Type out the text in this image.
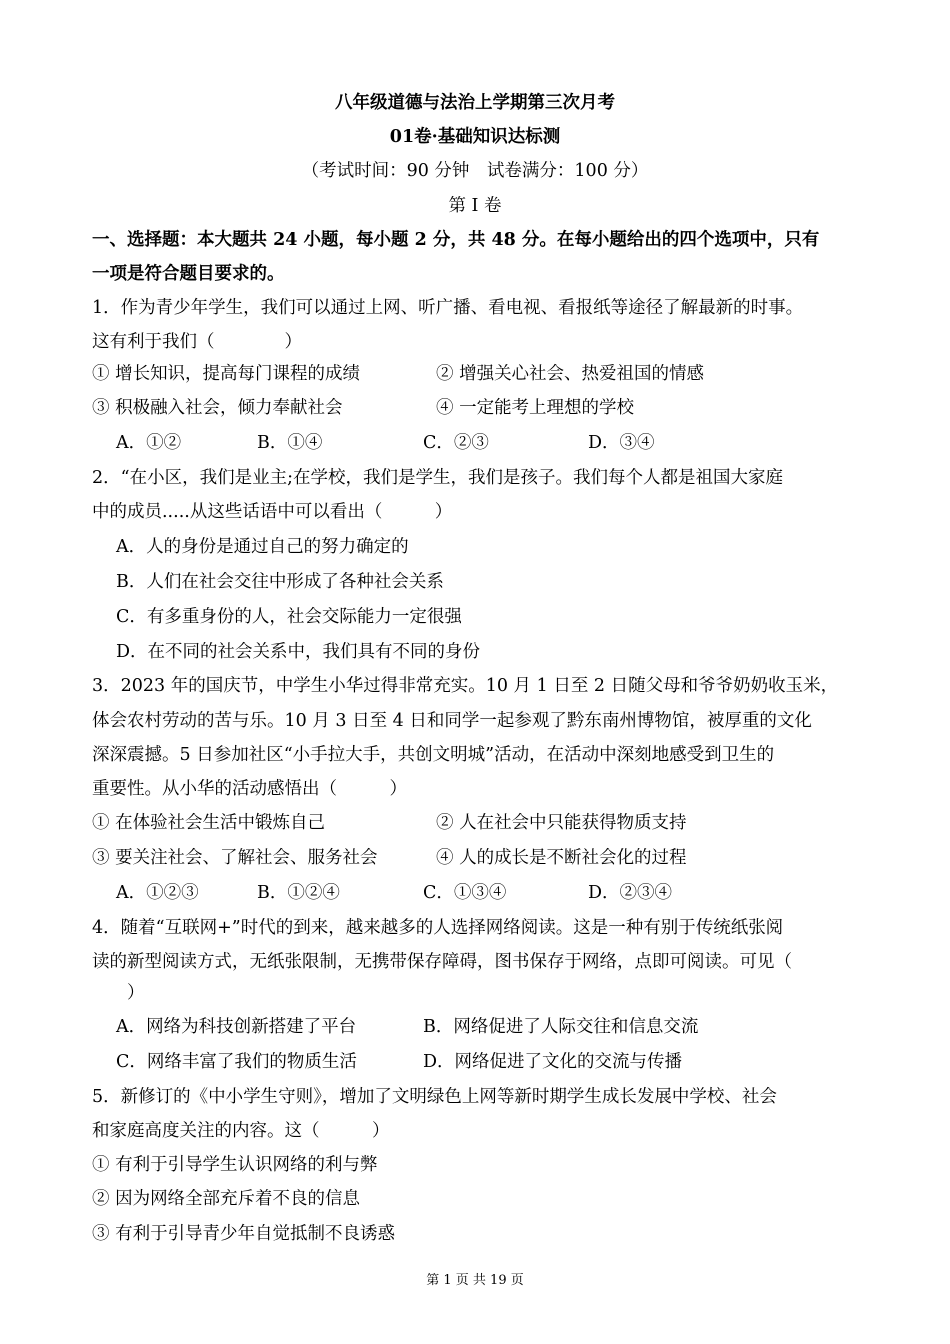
八年级道德与法治上学期第三次月考
01卷·基础知识达标测
（考试时间：90 分钟　试卷满分：100 分）
第 I 卷
一、选择题：本大题共 24 小题，每小题 2 分，共 48 分。在每小题给出的四个选项中，只有
一项是符合题目要求的。
1．作为青少年学生，我们可以通过上网、听广播、看电视、看报纸等途径了解最新的时事。
这有利于我们（　　　　）
① 增长知识，提高每门课程的成绩	② 增强关心社会、热爱祖国的情感
③ 积极融入社会，倾力奉献社会	④ 一定能考上理想的学校
A．①②	B．①④	C．②③	D．③④
2．“在小区，我们是业主;在学校，我们是学生，我们是孩子。我们每个人都是祖国大家庭
中的成员.....从这些话语中可以看出（　　　）
A．人的身份是通过自己的努力确定的
B．人们在社会交往中形成了各种社会关系
C．有多重身份的人，社会交际能力一定很强
D．在不同的社会关系中，我们具有不同的身份
3．2023 年的国庆节，中学生小华过得非常充实。10 月 1 日至 2 日随父母和爷爷奶奶收玉米，
体会农村劳动的苦与乐。10 月 3 日至 4 日和同学一起参观了黔东南州博物馆，被厚重的文化
深深震撼。5 日参加社区“小手拉大手，共创文明城”活动，在活动中深刻地感受到卫生的
重要性。从小华的活动感悟出（　　　）
① 在体验社会生活中锻炼自己	② 人在社会中只能获得物质支持
③ 要关注社会、了解社会、服务社会	④ 人的成长是不断社会化的过程
A．①②③	B．①②④	C．①③④	D．②③④
4．随着“互联网+”时代的到来，越来越多的人选择网络阅读。这是一种有别于传统纸张阅
读的新型阅读方式，无纸张限制，无携带保存障碍，图书保存于网络，点即可阅读。可见（
　　）
A．网络为科技创新搭建了平台	B．网络促进了人际交往和信息交流
C．网络丰富了我们的物质生活	D．网络促进了文化的交流与传播
5．新修订的《中小学生守则》，增加了文明绿色上网等新时期学生成长发展中学校、社会
和家庭高度关注的内容。这（　　　）
① 有利于引导学生认识网络的利与弊
② 因为网络全部充斥着不良的信息
③ 有利于引导青少年自觉抵制不良诱惑
第 1 页 共 19 页
